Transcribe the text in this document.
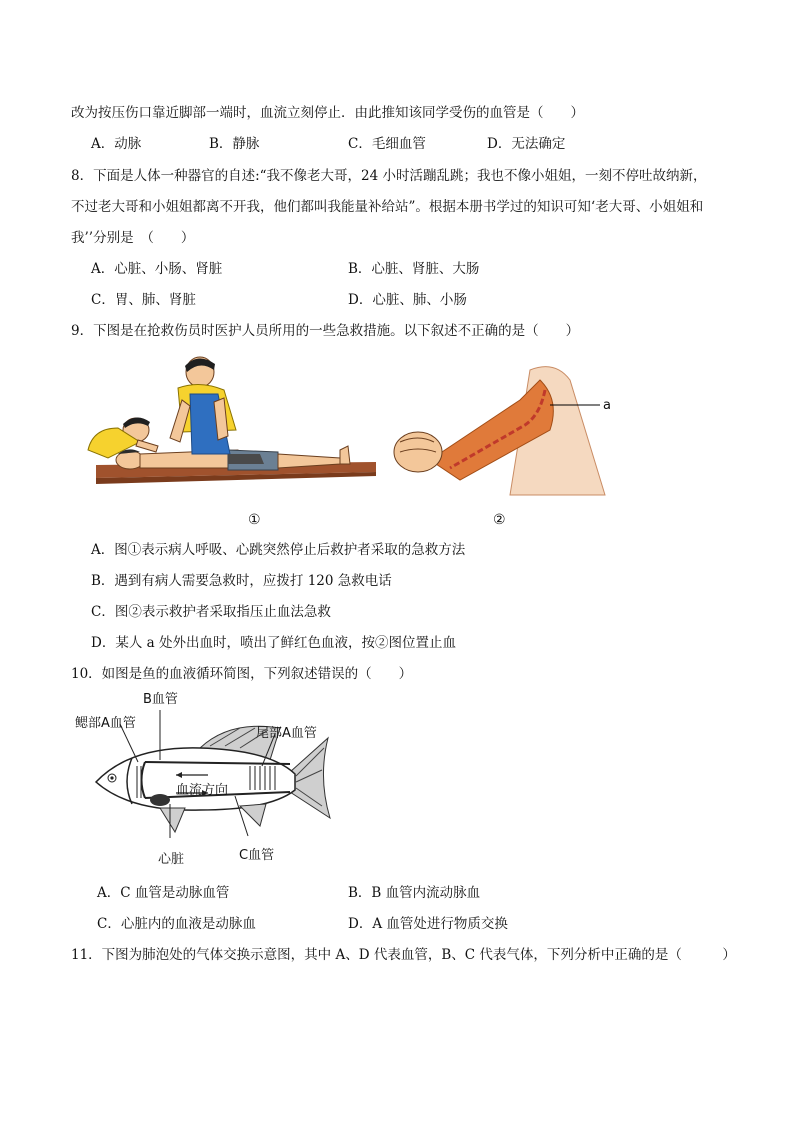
改为按压伤口靠近脚部一端时，血流立刻停止．由此推知该同学受伤的血管是（　　）
A．动脉	B．静脉	C．毛细血管	D．无法确定
8．下面是人体一种器官的自述:“我不像老大哥，24 小时活蹦乱跳；我也不像小姐姐，一刻不停吐故纳新，
不过老大哥和小姐姐都离不开我，他们都叫我能量补给站”。根据本册书学过的知识可知‘老大哥、小姐姐和
我’’分别是　（　　）
A．心脏、小肠、肾脏	B．心脏、肾脏、大肠
C．胃、肺、肾脏	D．心脏、肺、小肠
9．下图是在抢救伤员时医护人员所用的一些急救措施。以下叙述不正确的是（　　）
a
①	②
A．图①表示病人呼吸、心跳突然停止后救护者采取的急救方法
B．遇到有病人需要急救时，应拨打 120 急救电话
C．图②表示救护者采取指压止血法急救
D．某人 a 处外出血时，喷出了鲜红色血液，按②图位置止血
10．如图是鱼的血液循环简图，下列叙述错误的（　　）
B血管
鳃部A血管
尾部A血管
血流方向
心脏	C血管
A．C 血管是动脉血管	B．B 血管内流动脉血
C．心脏内的血液是动脉血	D．A 血管处进行物质交换
11．下图为肺泡处的气体交换示意图，其中 A、D 代表血管，B、C 代表气体，下列分析中正确的是（　　　）
